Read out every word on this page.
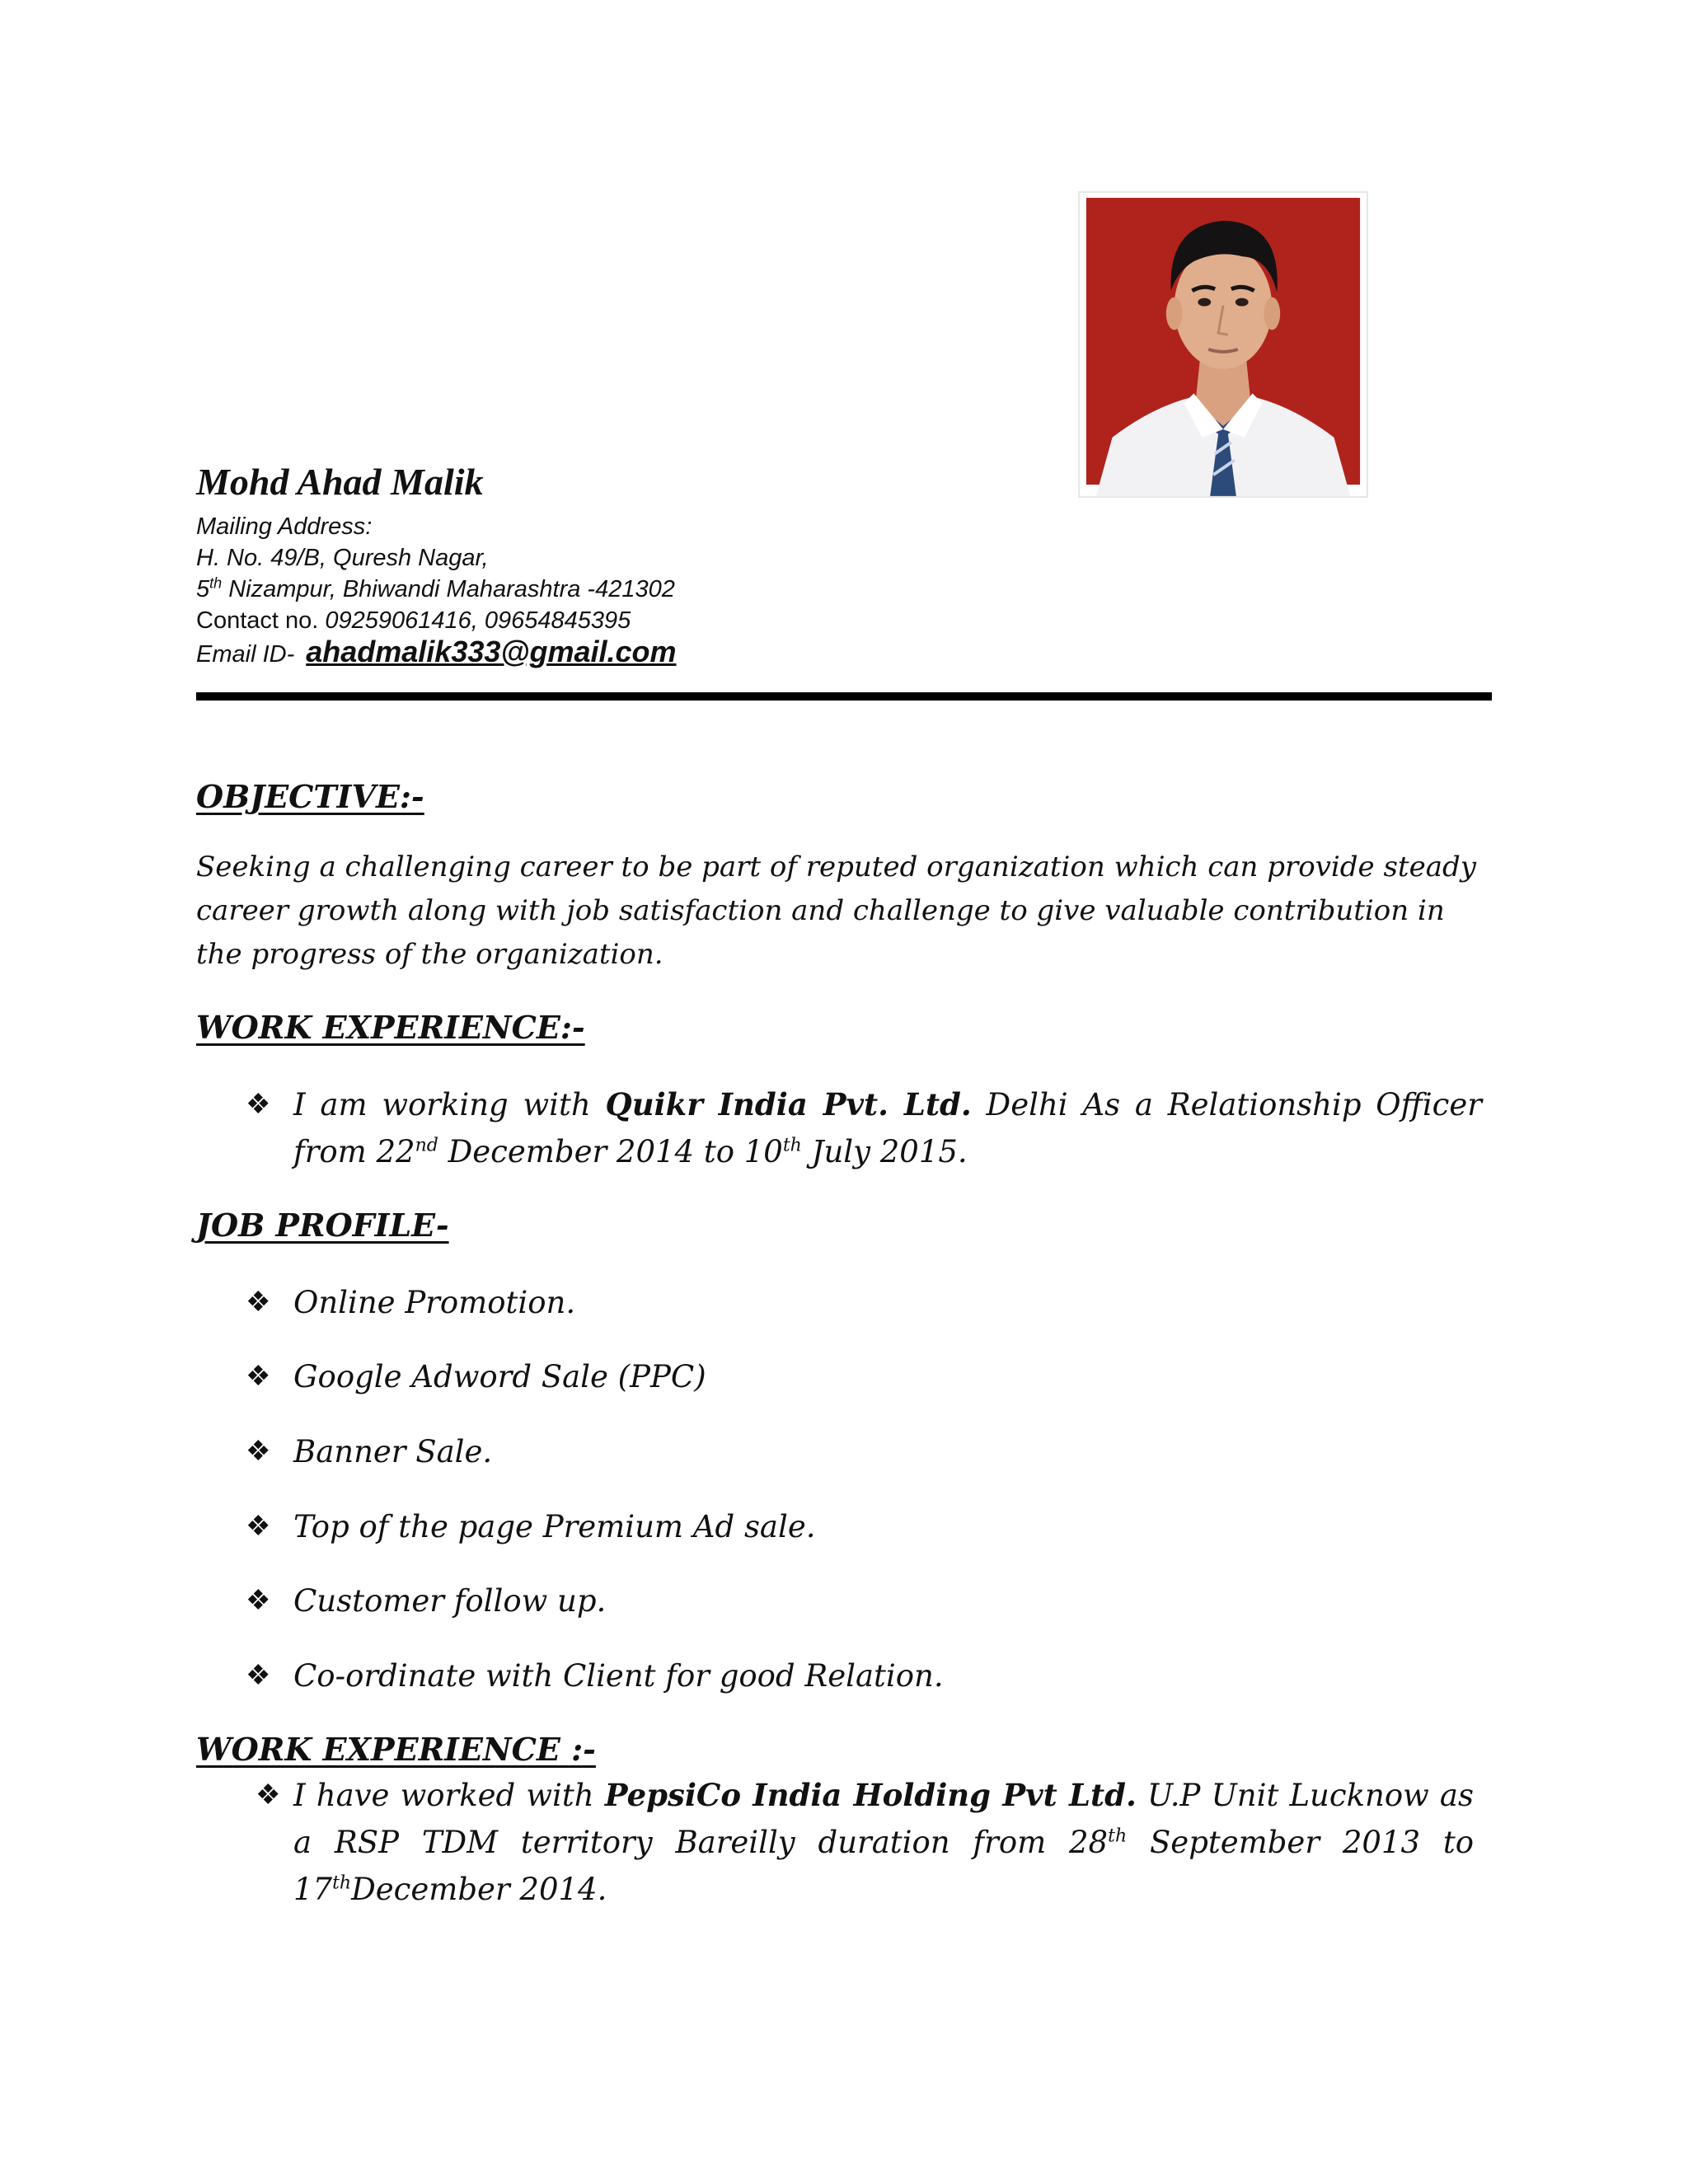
Mohd Ahad Malik
Mailing Address:
H. No. 49/B, Quresh Nagar,
5th Nizampur, Bhiwandi Maharashtra -421302
Contact no. 09259061416, 09654845395
Email ID- ahadmalik333@gmail.com
OBJECTIVE:-
Seeking a challenging career to be part of reputed organization which can provide steady career growth along with job satisfaction and challenge to give valuable contribution in the progress of the organization.
WORK EXPERIENCE:-
❖ I am working with Quikr India Pvt. Ltd. Delhi As a Relationship Officer from 22nd December 2014 to 10th July 2015.
JOB PROFILE-
❖ Online Promotion.
❖ Google Adword Sale (PPC)
❖ Banner Sale.
❖ Top of the page Premium Ad sale.
❖ Customer follow up.
❖ Co-ordinate with Client for good Relation.
WORK EXPERIENCE :-
❖ I have worked with PepsiCo India Holding Pvt Ltd. U.P Unit Lucknow as a RSP TDM territory Bareilly duration from 28th September 2013 to 17thDecember 2014.
